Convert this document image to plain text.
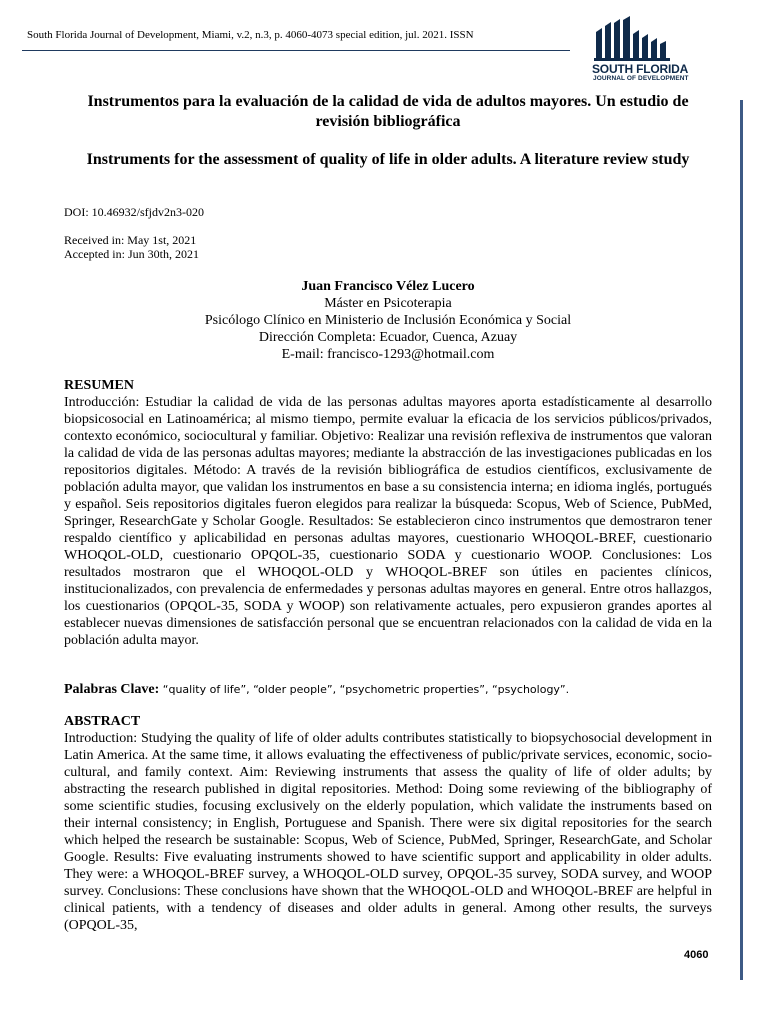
South Florida Journal of Development, Miami, v.2, n.3, p. 4060-4073 special edition, jul. 2021. ISSN
SOUTH FLORIDA
JOURNAL OF DEVELOPMENT
Instrumentos para la evaluación de la calidad de vida de adultos mayores. Un estudio de revisión bibliográfica
Instruments for the assessment of quality of life in older adults. A literature review study
DOI: 10.46932/sfjdv2n3-020
Received in: May 1st, 2021
Accepted in: Jun 30th, 2021
Juan Francisco Vélez Lucero
Máster en Psicoterapia
Psicólogo Clínico en Ministerio de Inclusión Económica y Social
Dirección Completa: Ecuador, Cuenca, Azuay
E-mail: francisco-1293@hotmail.com
RESUMEN
Introducción: Estudiar la calidad de vida de las personas adultas mayores aporta estadísticamente al desarrollo biopsicosocial en Latinoamérica; al mismo tiempo, permite evaluar la eficacia de los servicios públicos/privados, contexto económico, sociocultural y familiar. Objetivo: Realizar una revisión reflexiva de instrumentos que valoran la calidad de vida de las personas adultas mayores; mediante la abstracción de las investigaciones publicadas en los repositorios digitales. Método: A través de la revisión bibliográfica de estudios científicos, exclusivamente de población adulta mayor, que validan los instrumentos en base a su consistencia interna; en idioma inglés, portugués y español. Seis repositorios digitales fueron elegidos para realizar la búsqueda: Scopus, Web of Science, PubMed, Springer, ResearchGate y Scholar Google. Resultados: Se establecieron cinco instrumentos que demostraron tener respaldo científico y aplicabilidad en personas adultas mayores, cuestionario WHOQOL-BREF, cuestionario WHOQOL-OLD, cuestionario OPQOL-35, cuestionario SODA y cuestionario WOOP. Conclusiones: Los resultados mostraron que el WHOQOL-OLD y WHOQOL-BREF son útiles en pacientes clínicos, institucionalizados, con prevalencia de enfermedades y personas adultas mayores en general. Entre otros hallazgos, los cuestionarios (OPQOL-35, SODA y WOOP) son relativamente actuales, pero expusieron grandes aportes al establecer nuevas dimensiones de satisfacción personal que se encuentran relacionados con la calidad de vida en la población adulta mayor.
Palabras Clave: “quality of life”, “older people”, “psychometric properties”, “psychology”.
ABSTRACT
Introduction: Studying the quality of life of older adults contributes statistically to biopsychosocial development in Latin America. At the same time, it allows evaluating the effectiveness of public/private services, economic, socio-cultural, and family context. Aim: Reviewing instruments that assess the quality of life of older adults; by abstracting the research published in digital repositories. Method: Doing some reviewing of the bibliography of some scientific studies, focusing exclusively on the elderly population, which validate the instruments based on their internal consistency; in English, Portuguese and Spanish. There were six digital repositories for the search which helped the research be sustainable: Scopus, Web of Science, PubMed, Springer, ResearchGate, and Scholar Google. Results: Five evaluating instruments showed to have scientific support and applicability in older adults. They were: a WHOQOL-BREF survey, a WHOQOL-OLD survey, OPQOL-35 survey, SODA survey, and WOOP survey. Conclusions: These conclusions have shown that the WHOQOL-OLD and WHOQOL-BREF are helpful in clinical patients, with a tendency of diseases and older adults in general. Among other results, the surveys (OPQOL-35,
4060
